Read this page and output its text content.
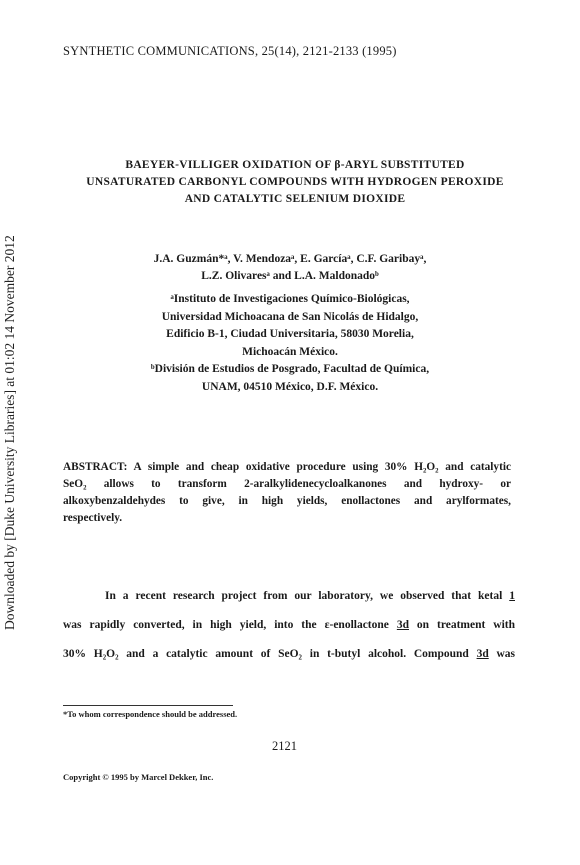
SYNTHETIC COMMUNICATIONS, 25(14), 2121-2133 (1995)
BAEYER-VILLIGER OXIDATION OF β-ARYL SUBSTITUTED
UNSATURATED CARBONYL COMPOUNDS WITH HYDROGEN PEROXIDE
AND CATALYTIC SELENIUM DIOXIDE
J.A. Guzmán*ᵃ, V. Mendozaᵃ, E. Garcíaᵃ, C.F. Garibayᵃ,
L.Z. Olivaresᵃ and L.A. Maldonadoᵇ
ᵃInstituto de Investigaciones Químico-Biológicas,
Universidad Michoacana de San Nicolás de Hidalgo,
Edificio B-1, Ciudad Universitaria, 58030 Morelia,
Michoacán México.
ᵇDivisión de Estudios de Posgrado, Facultad de Química,
UNAM, 04510 México, D.F. México.
ABSTRACT: A simple and cheap oxidative procedure using 30% H₂O₂ and catalytic
SeO₂ allows to transform 2-aralkylidenecycloalkanones and hydroxy- or
alkoxybenzaldehydes to give, in high yields, enollactones and arylformates,
respectively.
In a recent research project from our laboratory, we observed that ketal 1
was rapidly converted, in high yield, into the ε-enollactone 3d on treatment with
30% H₂O₂ and a catalytic amount of SeO₂ in t-butyl alcohol. Compound 3d was
*To whom correspondence should be addressed.
2121
Copyright © 1995 by Marcel Dekker, Inc.
Downloaded by [Duke University Libraries] at 01:02 14 November 2012
